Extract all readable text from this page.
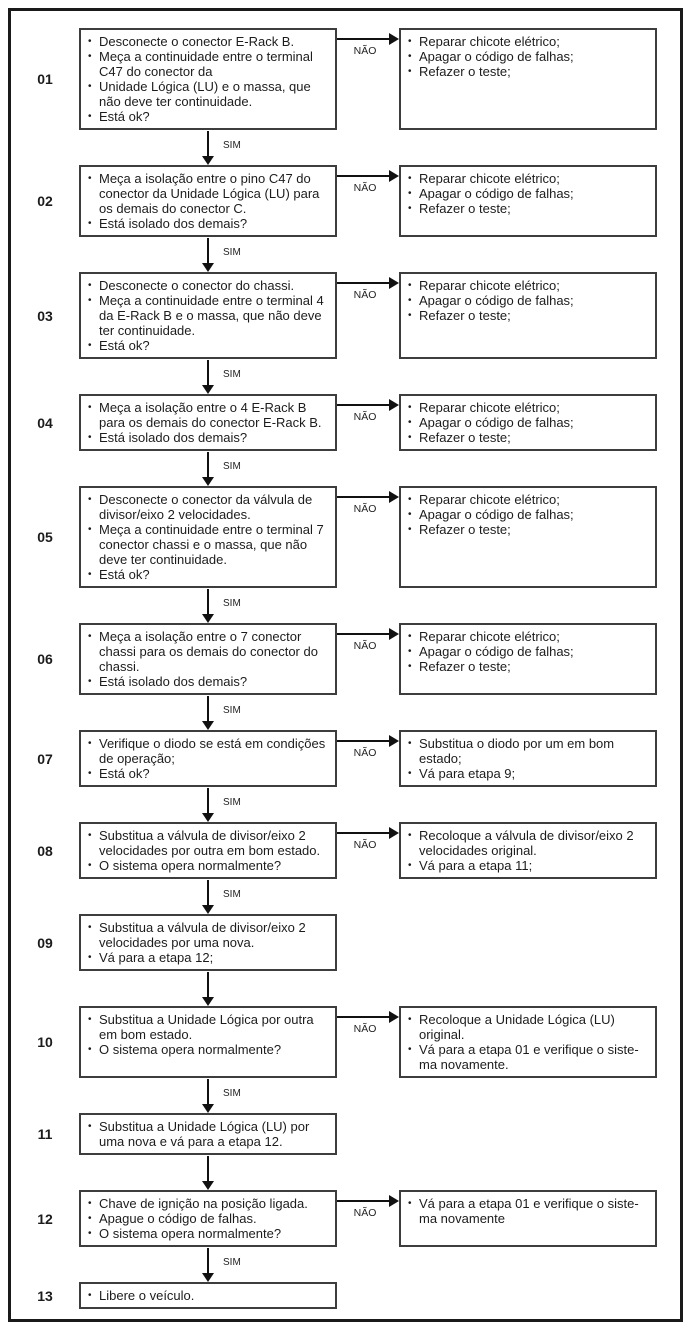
01
• Desconecte o conector E-Rack B.
• Meça a continuidade entre o terminal C47 do conector da
• Unidade Lógica (LU) e o massa, que não deve ter continuidade.
• Está ok?
NÃO
• Reparar chicote elétrico;
• Apagar o código de falhas;
• Refazer o teste;
SIM
02
• Meça a isolação entre o pino C47 do conector da Unidade Lógica (LU) para os demais do conector C.
• Está isolado dos demais?
NÃO
• Reparar chicote elétrico;
• Apagar o código de falhas;
• Refazer o teste;
SIM
03
• Desconecte o conector do chassi.
• Meça a continuidade entre o terminal 4 da E-Rack B e o massa, que não deve ter continuidade.
• Está ok?
NÃO
• Reparar chicote elétrico;
• Apagar o código de falhas;
• Refazer o teste;
SIM
04
• Meça a isolação entre o 4 E-Rack B para os demais do conector E-Rack B.
• Está isolado dos demais?
NÃO
• Reparar chicote elétrico;
• Apagar o código de falhas;
• Refazer o teste;
SIM
05
• Desconecte o conector da válvula de divisor/eixo 2 velocidades.
• Meça a continuidade entre o terminal 7 conector chassi e o massa, que não deve ter continuidade.
• Está ok?
NÃO
• Reparar chicote elétrico;
• Apagar o código de falhas;
• Refazer o teste;
SIM
06
• Meça a isolação entre o 7 conector chassi para os demais do conector do chassi.
• Está isolado dos demais?
NÃO
• Reparar chicote elétrico;
• Apagar o código de falhas;
• Refazer o teste;
SIM
07
• Verifique o diodo se está em condições de operação;
• Está ok?
NÃO
• Substitua o diodo por um em bom estado;
• Vá para etapa 9;
SIM
08
• Substitua a válvula de divisor/eixo 2 velocidades por outra em bom estado.
• O sistema opera normalmente?
NÃO
• Recoloque a válvula de divisor/eixo 2 velocidades original.
• Vá para a etapa 11;
SIM
09
• Substitua a válvula de divisor/eixo 2 velocidades por uma nova.
• Vá para a etapa 12;
10
• Substitua a Unidade Lógica por outra em bom estado.
• O sistema opera normalmente?
NÃO
• Recoloque a Unidade Lógica (LU) original.
• Vá para a etapa 01 e verifique o siste-ma novamente.
SIM
11	• Substitua a Unidade Lógica (LU) por uma nova e vá para a etapa 12.
12
• Chave de ignição na posição ligada.
• Apague o código de falhas.
• O sistema opera normalmente?
NÃO
• Vá para a etapa 01 e verifique o siste-ma novamente
SIM
13	• Libere o veículo.
